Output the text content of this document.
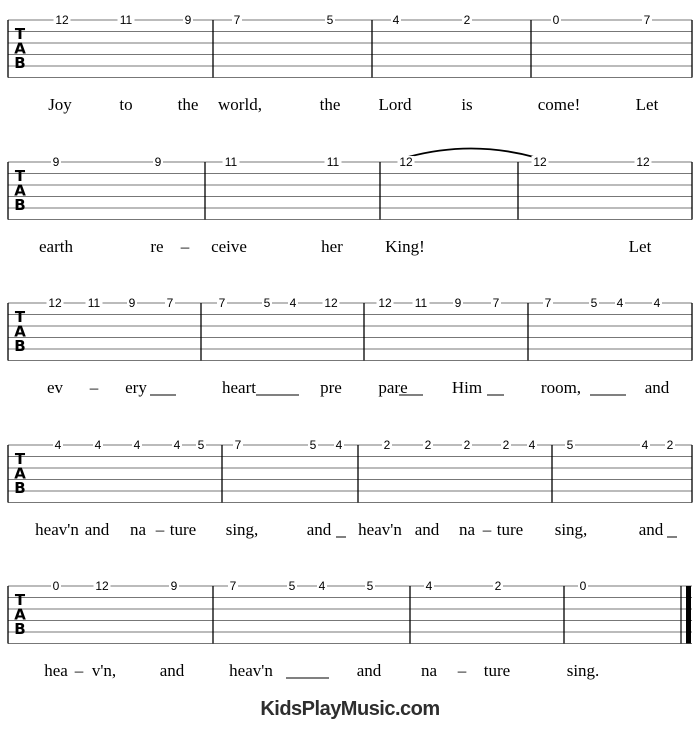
T
A
B
12	11	9	7	5	4	2	0	7
Joy	to	the world,	the Lord	is	come!	Let
T
A
B
9	9	11	11	12	12	12
earth	re – ceive	her King!	Let
T
A
B
12 11 9	7	7	5 4 12	12 11 9	7	7	5 4	4
ev – ery	heart	pre pare	Him	room,	and
T
A
B
4	4	4	4 5	7	5 4	2	2	2	2 4	5	4 2
heav'n and na – ture sing,	and heav'n and na – ture sing,	and
T
A
B
0	12	9	7	5 4	5	4	2	0
hea – v'n,	and	heav'n	and na – ture	sing.
KidsPlayMusic.com
